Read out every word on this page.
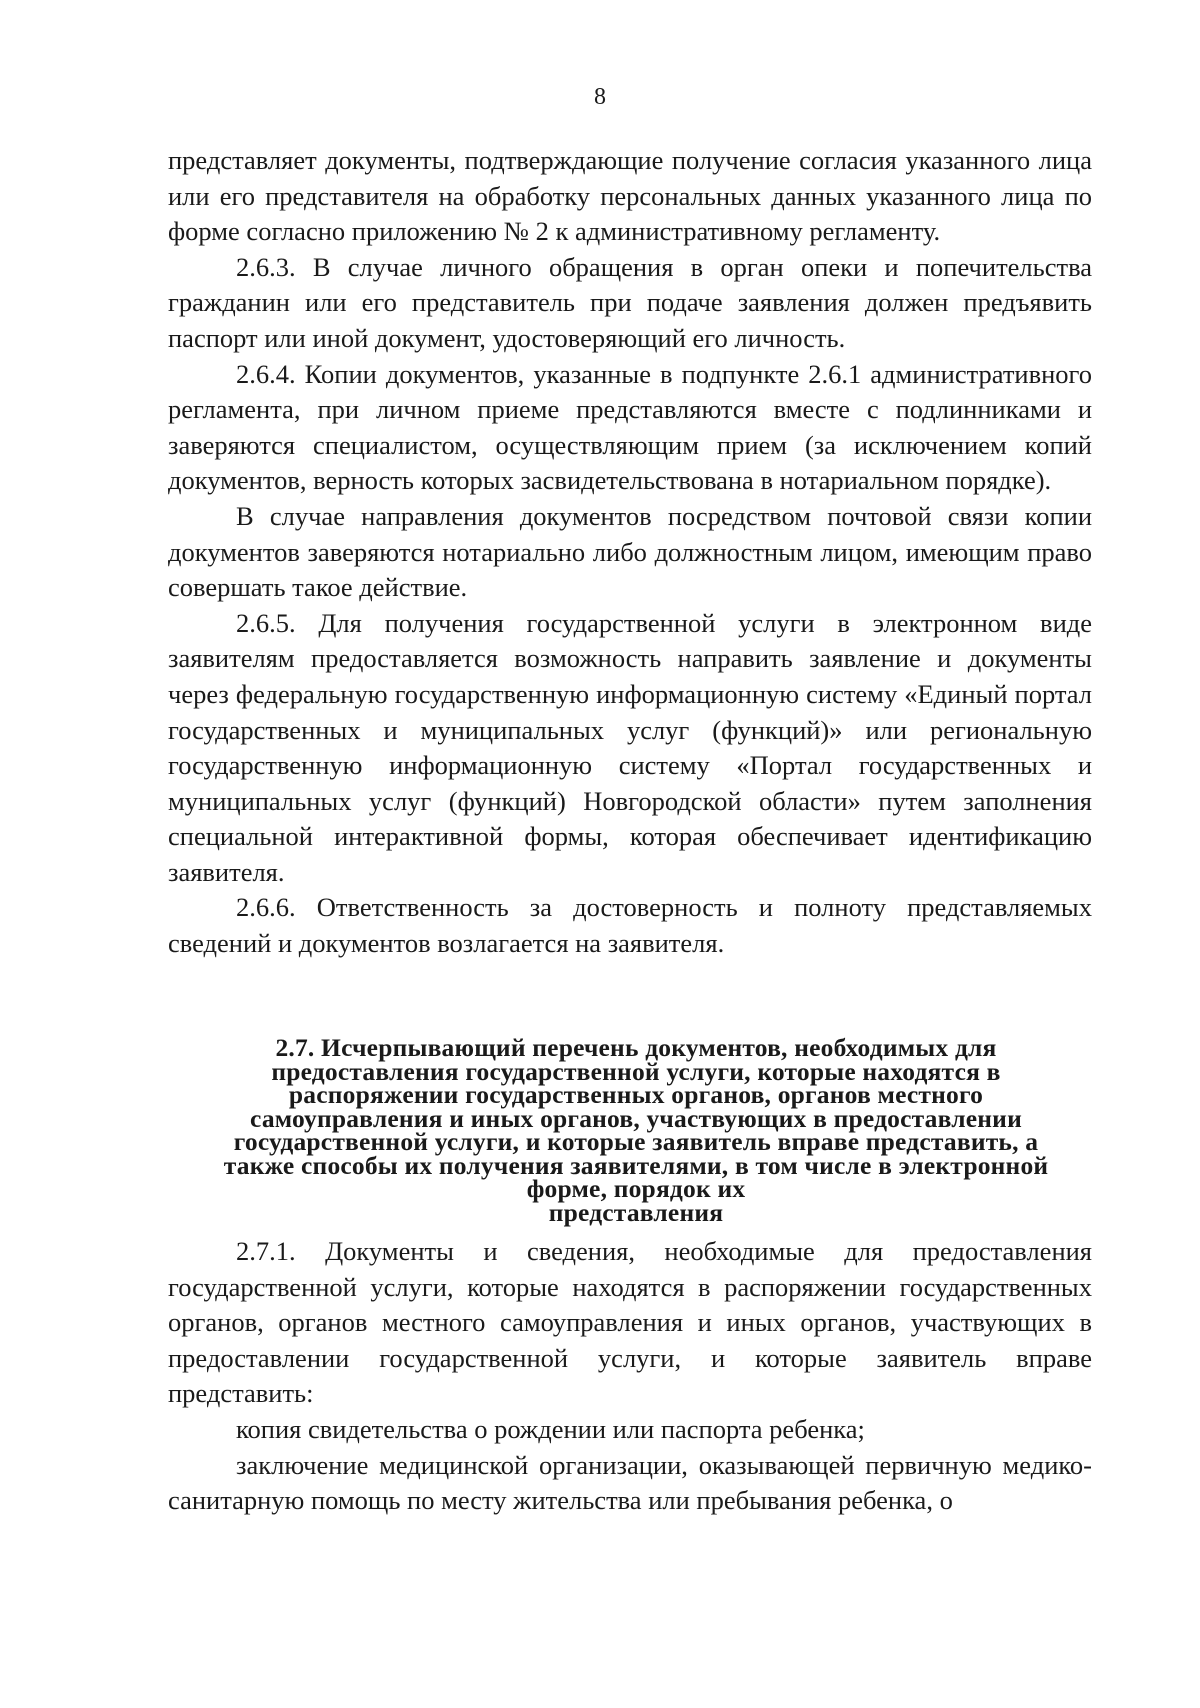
8

представляет документы, подтверждающие получение согласия указанного лица или его представителя на обработку персональных данных указанного лица по форме согласно приложению № 2 к административному регламенту.

2.6.3. В случае личного обращения в орган опеки и попечительства гражданин или его представитель при подаче заявления должен предъявить паспорт или иной документ, удостоверяющий его личность.

2.6.4. Копии документов, указанные в подпункте 2.6.1 административного регламента, при личном приеме представляются вместе с подлинниками и заверяются специалистом, осуществляющим прием (за исключением копий документов, верность которых засвидетельствована в нотариальном порядке).

В случае направления документов посредством почтовой связи копии документов заверяются нотариально либо должностным лицом, имеющим право совершать такое действие.

2.6.5. Для получения государственной услуги в электронном виде заявителям предоставляется возможность направить заявление и документы через федеральную государственную информационную систему «Единый портал государственных и муниципальных услуг (функций)» или региональную государственную информационную систему «Портал государственных и муниципальных услуг (функций) Новгородской области» путем заполнения специальной интерактивной формы, которая обеспечивает идентификацию заявителя.

2.6.6. Ответственность за достоверность и полноту представляемых сведений и документов возлагается на заявителя.

2.7. Исчерпывающий перечень документов, необходимых для
предоставления государственной услуги, которые находятся в
распоряжении государственных органов, органов местного
самоуправления и иных органов, участвующих в предоставлении
государственной услуги, и которые заявитель вправе представить, а
также способы их получения заявителями, в том числе в электронной
форме, порядок их
представления

2.7.1. Документы и сведения, необходимые для предоставления государственной услуги, которые находятся в распоряжении государственных органов, органов местного самоуправления и иных органов, участвующих в предоставлении государственной услуги, и которые заявитель вправе представить:

копия свидетельства о рождении или паспорта ребенка;

заключение медицинской организации, оказывающей первичную медико-санитарную помощь по месту жительства или пребывания ребенка, о
